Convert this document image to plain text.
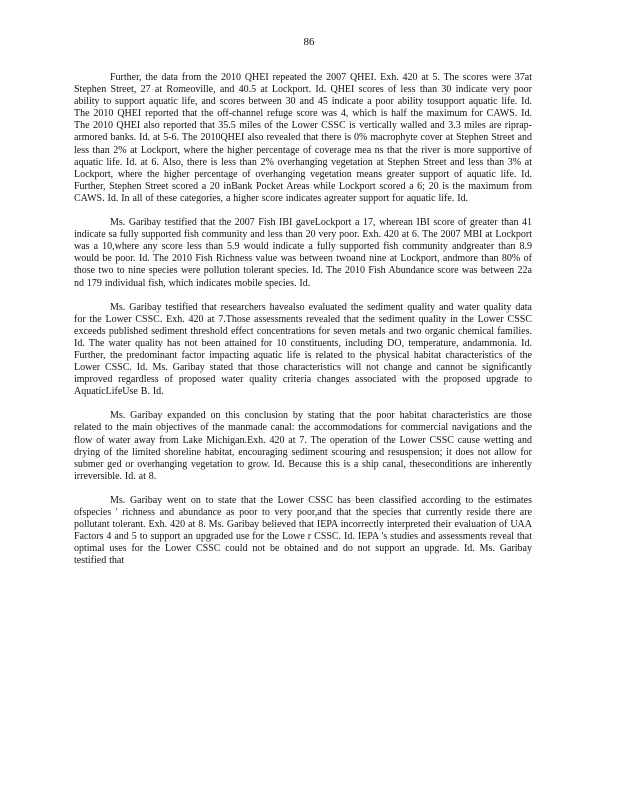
86

Further, the data from the 2010 QHEI repeated the 2007 QHEI. Exh. 420 at 5. The scores were 37at Stephen Street, 27 at Romeoville, and 40.5 at Lockport. Id. QHEI scores of less than 30 indicate very poor ability to support aquatic life, and scores between 30 and 45 indicate a poor ability tosupport aquatic life. Id. The 2010 QHEI reported that the off-channel refuge score was 4, which is half the maximum for CAWS. Id. The 2010 QHEI also reported that 35.5 miles of the Lower CSSC is vertically walled and 3.3 miles are riprap-armored banks. Id. at 5-6. The 2010QHEI also revealed that there is 0% macrophyte cover at Stephen Street and less than 2% at Lockport, where the higher percentage of coverage mea ns that the river is more supportive of aquatic life. Id. at 6. Also, there is less than 2% overhanging vegetation at Stephen Street and less than 3% at Lockport, where the higher percentage of overhanging vegetation means greater support of aquatic life. Id. Further, Stephen Street scored a 20 inBank Pocket Areas while Lockport scored a 6; 20 is the maximum from CAWS. Id. In all of these categories, a higher score indicates agreater support for aquatic life. Id.

Ms. Garibay testified that the 2007 Fish IBI gaveLockport a 17, wherean IBI score of greater than 41 indicate sa fully supported fish community and less than 20 very poor. Exh. 420 at 6. The 2007 MBI at Lockport was a 10,where any score less than 5.9 would indicate a fully supported fish community andgreater than 8.9 would be poor. Id. The 2010 Fish Richness value was between twoand nine at Lockport, andmore than 80% of those two to nine species were pollution tolerant species. Id. The 2010 Fish Abundance score was between 22a nd 179 individual fish, which indicates mobile species. Id.

Ms. Garibay testified that researchers havealso evaluated the sediment quality and water quality data for the Lower CSSC. Exh. 420 at 7.Those assessments revealed that the sediment quality in the Lower CSSC exceeds published sediment threshold effect concentrations for seven metals and two organic chemical families. Id. The water quality has not been attained for 10 constituents, including DO, temperature, andammonia. Id. Further, the predominant factor impacting aquatic life is related to the physical habitat characteristics of the Lower CSSC. Id. Ms. Garibay stated that those characteristics will not change and cannot be significantly improved regardless of proposed water quality criteria changes associated with the proposed upgrade to AquaticLifeUse B. Id.

Ms. Garibay expanded on this conclusion by stating that the poor habitat characteristics are those related to the main objectives of the manmade canal: the accommodations for commercial navigations and the flow of water away from Lake Michigan.Exh. 420 at 7. The operation of the Lower CSSC cause wetting and drying of the limited shoreline habitat, encouraging sediment scouring and resuspension; it does not allow for submer ged or overhanging vegetation to grow. Id. Because this is a ship canal, theseconditions are inherently irreversible. Id. at 8.

Ms. Garibay went on to state that the Lower CSSC has been classified according to the estimates ofspecies ' richness and abundance as poor to very poor,and that the species that currently reside there are pollutant tolerant. Exh. 420 at 8. Ms. Garibay believed that IEPA incorrectly interpreted their evaluation of UAA Factors 4 and 5 to support an upgraded use for the Lowe r CSSC. Id. IEPA 's studies and assessments reveal that optimal uses for the Lower CSSC could not be obtained and do not support an upgrade. Id. Ms. Garibay testified that
